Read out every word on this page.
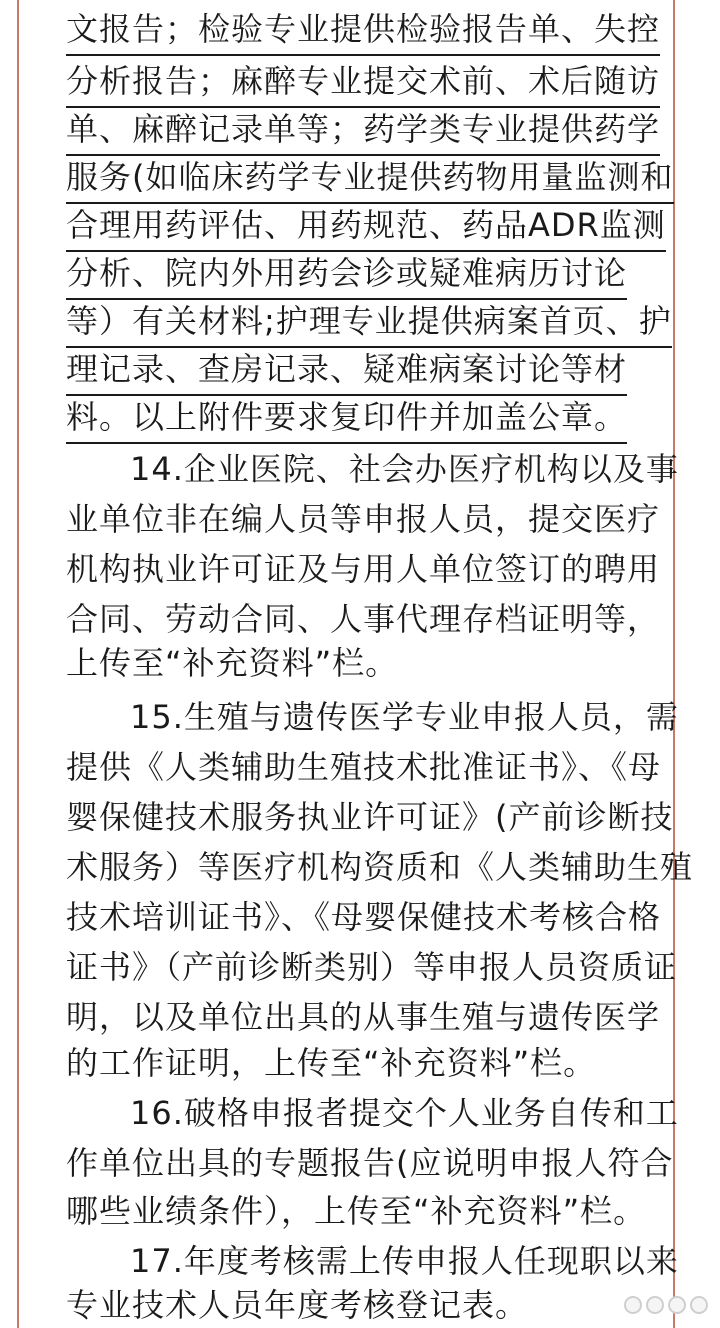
文报告；检验专业提供检验报告单、失控
分析报告；麻醉专业提交术前、术后随访
单、麻醉记录单等；药学类专业提供药学
服务(如临床药学专业提供药物用量监测和
合理用药评估、用药规范、药品ADR监测
分析、院内外用药会诊或疑难病历讨论
等）有关材料;护理专业提供病案首页、护
理记录、查房记录、疑难病案讨论等材
料。以上附件要求复印件并加盖公章。
14.企业医院、社会办医疗机构以及事
业单位非在编人员等申报人员，提交医疗
机构执业许可证及与用人单位签订的聘用
合同、劳动合同、人事代理存档证明等，
上传至“补充资料”栏。
15.生殖与遗传医学专业申报人员，需
提供《人类辅助生殖技术批准证书》、《母
婴保健技术服务执业许可证》(产前诊断技
术服务）等医疗机构资质和《人类辅助生殖
技术培训证书》、《母婴保健技术考核合格
证书》（产前诊断类别）等申报人员资质证
明，以及单位出具的从事生殖与遗传医学
的工作证明，上传至“补充资料”栏。
16.破格申报者提交个人业务自传和工
作单位出具的专题报告(应说明申报人符合
哪些业绩条件），上传至“补充资料”栏。
17.年度考核需上传申报人任现职以来
专业技术人员年度考核登记表。
